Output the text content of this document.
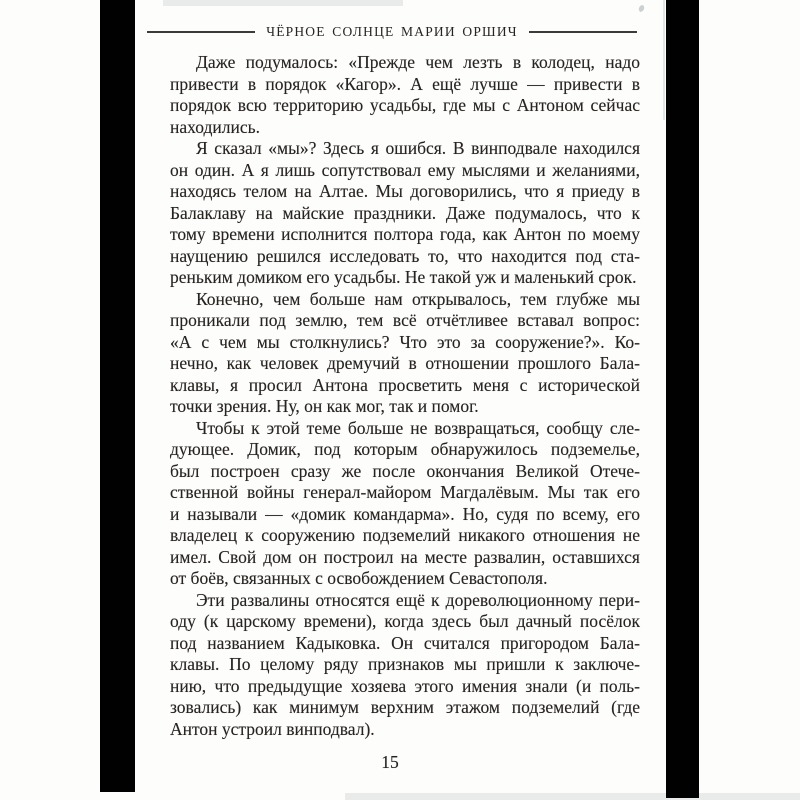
ЧЁРНОЕ СОЛНЦЕ МАРИИ ОРШИЧ
Даже подумалось: «Прежде чем лезть в колодец, надо
привести в порядок «Кагор». А ещё лучше — привести в
порядок всю территорию усадьбы, где мы с Антоном сейчас
находились.
Я сказал «мы»? Здесь я ошибся. В винподвале находился
он один. А я лишь сопутствовал ему мыслями и желаниями,
находясь телом на Алтае. Мы договорились, что я приеду в
Балаклаву на майские праздники. Даже подумалось, что к
тому времени исполнится полтора года, как Антон по моему
наущению решился исследовать то, что находится под ста-
реньким домиком его усадьбы. Не такой уж и маленький срок.
Конечно, чем больше нам открывалось, тем глубже мы
проникали под землю, тем всё отчётливее вставал вопрос:
«А с чем мы столкнулись? Что это за сооружение?». Ко-
нечно, как человек дремучий в отношении прошлого Бала-
клавы, я просил Антона просветить меня с исторической
точки зрения. Ну, он как мог, так и помог.
Чтобы к этой теме больше не возвращаться, сообщу сле-
дующее. Домик, под которым обнаружилось подземелье,
был построен сразу же после окончания Великой Отече-
ственной войны генерал-майором Магдалёвым. Мы так его
и называли — «домик командарма». Но, судя по всему, его
владелец к сооружению подземелий никакого отношения не
имел. Свой дом он построил на месте развалин, оставшихся
от боёв, связанных с освобождением Севастополя.
Эти развалины относятся ещё к дореволюционному пери-
оду (к царскому времени), когда здесь был дачный посёлок
под названием Кадыковка. Он считался пригородом Бала-
клавы. По целому ряду признаков мы пришли к заключе-
нию, что предыдущие хозяева этого имения знали (и поль-
зовались) как минимум верхним этажом подземелий (где
Антон устроил винподвал).
15
